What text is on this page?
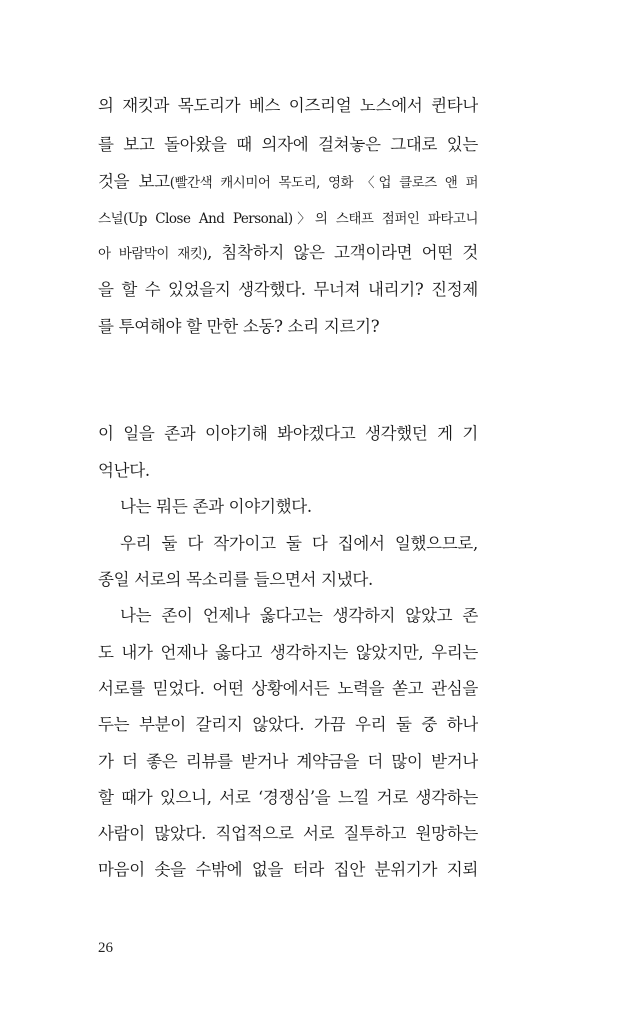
의 재킷과 목도리가 베스 이즈리얼 노스에서 퀸타나
를 보고 돌아왔을 때 의자에 걸쳐놓은 그대로 있는
것을 보고(빨간색 캐시미어 목도리, 영화 〈업 클로즈 앤 퍼
스널(Up Close And Personal)〉의 스태프 점퍼인 파타고니
아 바람막이 재킷), 침착하지 않은 고객이라면 어떤 것
을 할 수 있었을지 생각했다. 무너져 내리기? 진정제
를 투여해야 할 만한 소동? 소리 지르기?
이 일을 존과 이야기해 봐야겠다고 생각했던 게 기
억난다.
나는 뭐든 존과 이야기했다.
우리 둘 다 작가이고 둘 다 집에서 일했으므로,
종일 서로의 목소리를 들으면서 지냈다.
나는 존이 언제나 옳다고는 생각하지 않았고 존
도 내가 언제나 옳다고 생각하지는 않았지만, 우리는
서로를 믿었다. 어떤 상황에서든 노력을 쏟고 관심을
두는 부분이 갈리지 않았다. 가끔 우리 둘 중 하나
가 더 좋은 리뷰를 받거나 계약금을 더 많이 받거나
할 때가 있으니, 서로 ‘경쟁심’을 느낄 거로 생각하는
사람이 많았다. 직업적으로 서로 질투하고 원망하는
마음이 솟을 수밖에 없을 터라 집안 분위기가 지뢰
26
